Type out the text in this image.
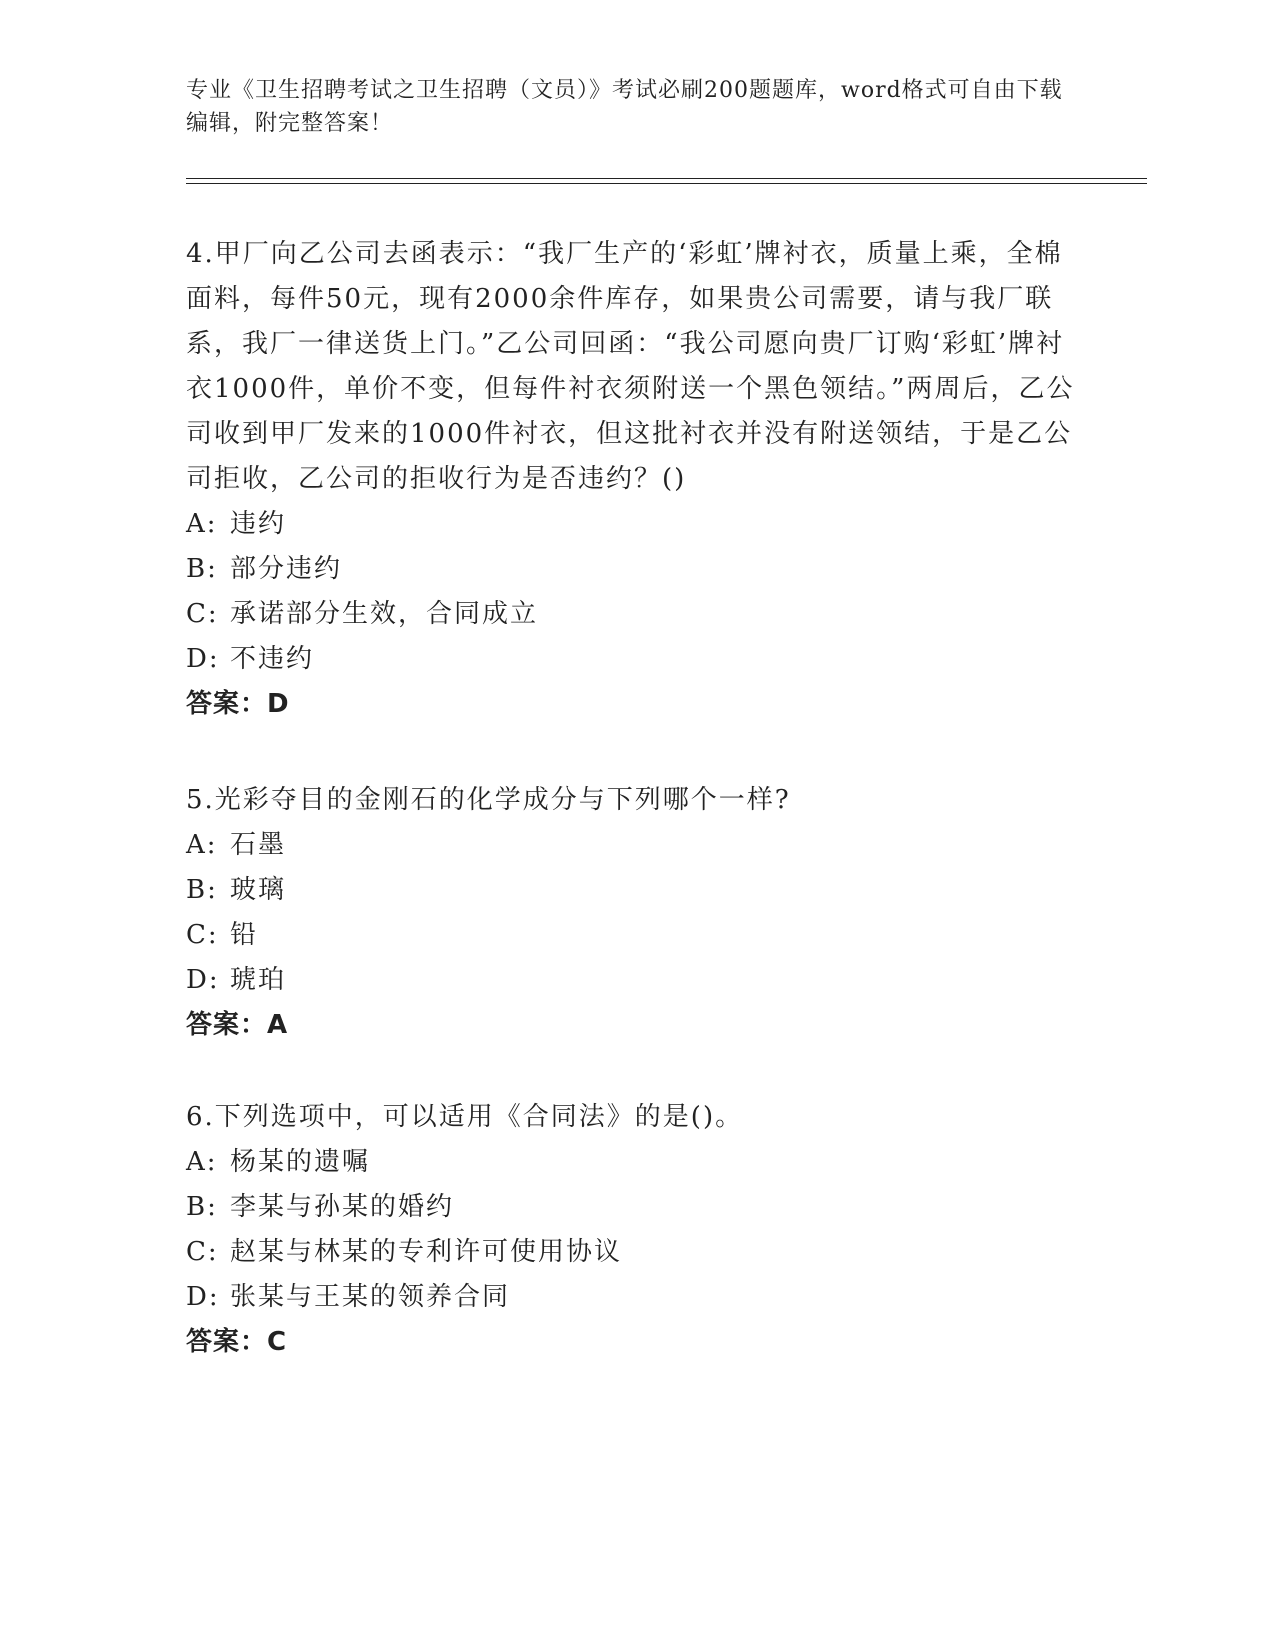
专业《卫生招聘考试之卫生招聘（文员）》考试必刷200题题库，word格式可自由下载编辑，附完整答案！
4.甲厂向乙公司去函表示：“我厂生产的‘彩虹’牌衬衣，质量上乘，全棉面料，每件50元，现有2000余件库存，如果贵公司需要，请与我厂联系，我厂一律送货上门。”乙公司回函：“我公司愿向贵厂订购‘彩虹’牌衬衣1000件，单价不变，但每件衬衣须附送一个黑色领结。”两周后，乙公司收到甲厂发来的1000件衬衣，但这批衬衣并没有附送领结，于是乙公司拒收，乙公司的拒收行为是否违约？()
A: 违约
B: 部分违约
C: 承诺部分生效，合同成立
D: 不违约
答案：D
5.光彩夺目的金刚石的化学成分与下列哪个一样?
A: 石墨
B: 玻璃
C: 铅
D: 琥珀
答案：A
6.下列选项中，可以适用《合同法》的是()。
A: 杨某的遗嘱
B: 李某与孙某的婚约
C: 赵某与林某的专利许可使用协议
D: 张某与王某的领养合同
答案：C
